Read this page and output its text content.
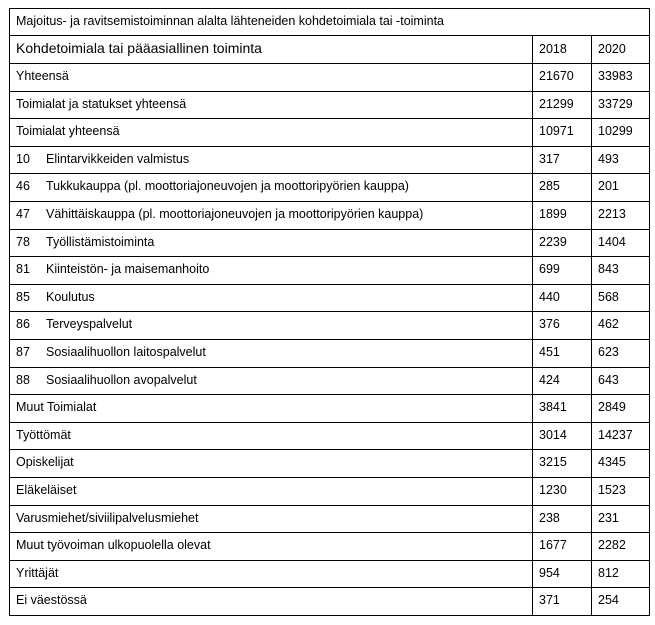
Majoitus- ja ravitsemistoiminnan alalta lähteneiden kohdetoimiala tai -toiminta		
Kohdetoimiala tai pääasiallinen toiminta	2018	2020
Yhteensä	21670	33983
Toimialat ja statukset yhteensä	21299	33729
Toimialat yhteensä	10971	10299
10 Elintarvikkeiden valmistus	317	493
46 Tukkukauppa (pl. moottoriajoneuvojen ja moottoripyörien kauppa)	285	201
47 Vähittäiskauppa (pl. moottoriajoneuvojen ja moottoripyörien kauppa)	1899	2213
78 Työllistämistoiminta	2239	1404
81 Kiinteistön- ja maisemanhoito	699	843
85 Koulutus	440	568
86 Terveyspalvelut	376	462
87 Sosiaalihuollon laitospalvelut	451	623
88 Sosiaalihuollon avopalvelut	424	643
Muut Toimialat	3841	2849
Työttömät	3014	14237
Opiskelijat	3215	4345
Eläkeläiset	1230	1523
Varusmiehet/siviilipalvelusmiehet	238	231
Muut työvoiman ulkopuolella olevat	1677	2282
Yrittäjät	954	812
Ei väestössä	371	254
